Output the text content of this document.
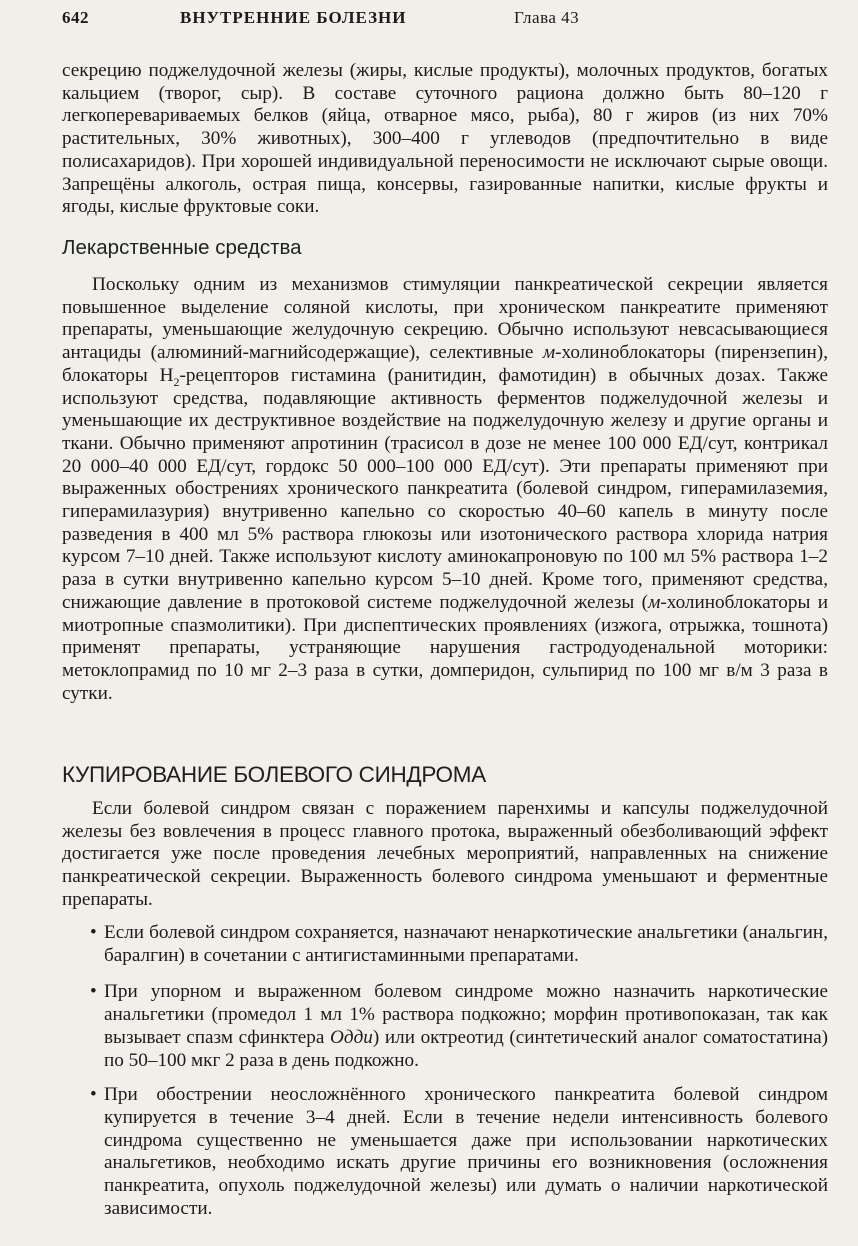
642	ВНУТРЕННИЕ БОЛЕЗНИ	Глава 43

секрецию поджелудочной железы (жиры, кислые продукты), молочных продуктов, богатых кальцием (творог, сыр). В составе суточного рациона должно быть 80–120 г легкоперевариваемых белков (яйца, отварное мясо, рыба), 80 г жиров (из них 70% растительных, 30% животных), 300–400 г углеводов (предпочтительно в виде полисахаридов). При хорошей индивидуальной переносимости не исключают сырые овощи. Запрещёны алкоголь, острая пища, консервы, газированные напитки, кислые фрукты и ягоды, кислые фруктовые соки.

Лекарственные средства

Поскольку одним из механизмов стимуляции панкреатической секреции является повышенное выделение соляной кислоты, при хроническом панкреатите применяют препараты, уменьшающие желудочную секрецию. Обычно используют невсасывающиеся антациды (алюминий-магнийсодержащие), селективные м-холиноблокаторы (пирензепин), блокаторы $H_2$-рецепторов гистамина (ранитидин, фамотидин) в обычных дозах. Также используют средства, подавляющие активность ферментов поджелудочной железы и уменьшающие их деструктивное воздействие на поджелудочную железу и другие органы и ткани. Обычно применяют апротинин (трасисол в дозе не менее 100 000 ЕД/сут, контрикал 20 000–40 000 ЕД/сут, гордокс 50 000–100 000 ЕД/сут). Эти препараты применяют при выраженных обострениях хронического панкреатита (болевой синдром, гиперамилаземия, гиперамилазурия) внутривенно капельно со скоростью 40–60 капель в минуту после разведения в 400 мл 5% раствора глюкозы или изотонического раствора хлорида натрия курсом 7–10 дней. Также используют кислоту аминокапроновую по 100 мл 5% раствора 1–2 раза в сутки внутривенно капельно курсом 5–10 дней. Кроме того, применяют средства, снижающие давление в протоковой системе поджелудочной железы (м-холиноблокаторы и миотропные спазмолитики). При диспептических проявлениях (изжога, отрыжка, тошнота) применят препараты, устраняющие нарушения гастродуоденальной моторики: метоклопрамид по 10 мг 2–3 раза в сутки, домперидон, сульпирид по 100 мг в/м 3 раза в сутки.

КУПИРОВАНИЕ БОЛЕВОГО СИНДРОМА

Если болевой синдром связан с поражением паренхимы и капсулы поджелудочной железы без вовлечения в процесс главного протока, выраженный обезболивающий эффект достигается уже после проведения лечебных мероприятий, направленных на снижение панкреатической секреции. Выраженность болевого синдрома уменьшают и ферментные препараты.

• Если болевой синдром сохраняется, назначают ненаркотические анальгетики (анальгин, баралгин) в сочетании с антигистаминными препаратами.
• При упорном и выраженном болевом синдроме можно назначить наркотические анальгетики (промедол 1 мл 1% раствора подкожно; морфин противопоказан, так как вызывает спазм сфинктера Одди) или октреотид (синтетический аналог соматостатина) по 50–100 мкг 2 раза в день подкожно.
• При обострении неосложнённого хронического панкреатита болевой синдром купируется в течение 3–4 дней. Если в течение недели интенсивность болевого синдрома существенно не уменьшается даже при использовании наркотических анальгетиков, необходимо искать другие причины его возникновения (осложнения панкреатита, опухоль поджелудочной железы) или думать о наличии наркотической зависимости.
